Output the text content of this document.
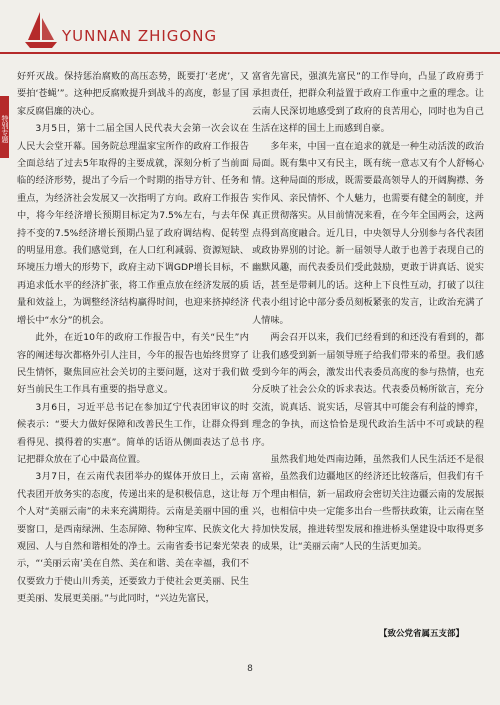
YUNNAN ZHIGONG
特别专题

好歼灭战。保持惩治腐败的高压态势，既要打‘老虎’，又要拍‘苍蝇’”。这种把反腐败提升到战斗的高度，彰显了国家反腐倡廉的决心。

3月5日，第十二届全国人民代表大会第一次会议在人民大会堂开幕。国务院总理温家宝所作的政府工作报告全面总结了过去5年取得的主要成就，深刻分析了当前面临的经济形势，提出了今后一个时期的指导方针、任务和重点，为经济社会发展又一次指明了方向。政府工作报告中，将今年经济增长预期目标定为7.5%左右，与去年保持不变的7.5%经济增长预期凸显了政府调结构、促转型的明显用意。我们感觉到，在人口红利减弱、资源短缺、环境压力增大的形势下，政府主动下调GDP增长目标，不再追求低水平的经济扩张，将工作重点放在经济发展的质量和效益上，为调整经济结构赢得时间，也迎来挤掉经济增长中“水分”的机会。

此外，在近10年的政府工作报告中，有关“民生”内容的阐述每次都格外引人注目，今年的报告也始终贯穿了民生情怀，聚焦回应社会关切的主要问题，这对于我们做好当前民生工作具有重要的指导意义。

3月6日，习近平总书记在参加辽宁代表团审议的时候表示：“要大力做好保障和改善民生工作，让群众得到看得见、摸得着的实惠”。简单的话语从侧面表达了总书记把群众放在了心中最高位置。

3月7日，在云南代表团举办的媒体开放日上，云南代表团开放务实的态度，传递出来的是积极信息，这让每个人对“美丽云南”的未来充满期待。云南是美丽中国的重要窗口，是西南绿洲、生态屏障、物种宝库、民族文化大观园、人与自然和谐相处的净土。云南省委书记秦光荣表示，“‘美丽云南’美在自然、美在和谐、美在幸福，我们不仅要致力于使山川秀美，还要致力于使社会更美丽、民生更美丽、发展更美丽。”与此同时，“兴边先富民，

富省先富民，强滇先富民”的工作导向，凸显了政府勇于承担责任，把群众利益置于政府工作重中之重的理念。让云南人民深切地感受到了政府的良苦用心，同时也为自己生活在这样的国土上而感到自豪。

多年来，中国一直在追求的就是一种生动活泼的政治局面。既有集中又有民主，既有统一意志又有个人舒畅心情。这种局面的形成，既需要最高领导人的开阔胸襟、务实作风、亲民情怀、个人魅力，也需要有健全的制度，并真正贯彻落实。从目前情况来看，在今年全国两会，这两点得到高度融合。近几日，中央领导人分别参与各代表团或政协界别的讨论。新一届领导人敢于也善于表现自己的幽默风趣，而代表委员们受此鼓励，更敢于讲真话、说实话，甚至是带刺儿的话。这种上下良性互动，打破了以往代表小组讨论中部分委员刻板紧张的发言，让政治充满了人情味。

两会召开以来，我们已经看到的和还没有看到的，都让我们感受到新一届领导班子给我们带来的希望。我们感受到今年的两会，激发出代表委员高度的参与热情，也充分反映了社会公众的诉求表达。代表委员畅所欲言，充分交流，说真话、说实话，尽管其中可能会有利益的博弈，理念的争执，而这恰恰是现代政治生活中不可或缺的程序。

虽然我们地处西南边陲，虽然我们人民生活还不是很富裕，虽然我们边疆地区的经济还比较落后，但我们有千万个理由相信，新一届政府会密切关注边疆云南的发展振兴，也相信中央一定能多出台一些帮扶政策，让云南在坚持加快发展，推进转型发展和推进桥头堡建设中取得更多的成果，让“美丽云南”人民的生活更加美。

【致公党省属五支部】
8
